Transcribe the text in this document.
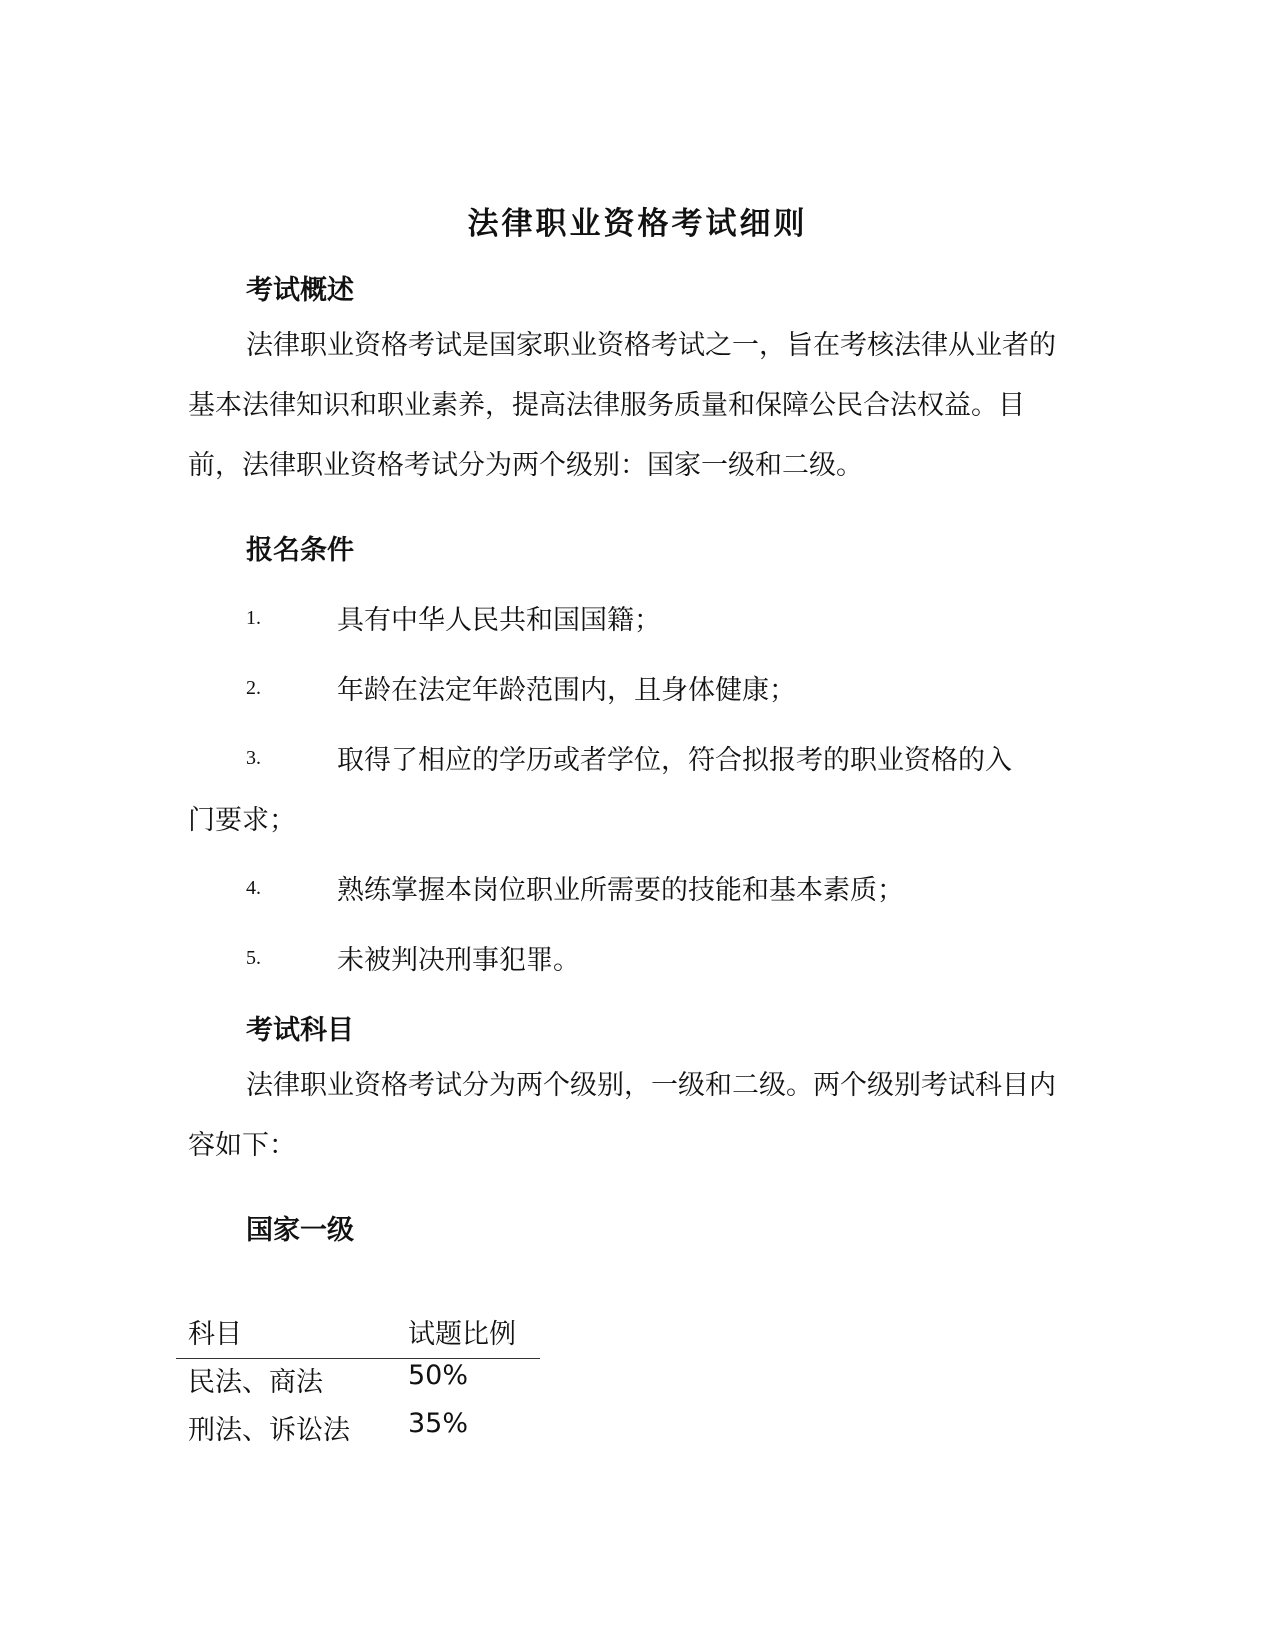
法律职业资格考试细则
考试概述
法律职业资格考试是国家职业资格考试之一，旨在考核法律从业者的基本法律知识和职业素养，提高法律服务质量和保障公民合法权益。目前，法律职业资格考试分为两个级别：国家一级和二级。
报名条件
1.	具有中华人民共和国国籍；
2.	年龄在法定年龄范围内，且身体健康；
3.	取得了相应的学历或者学位，符合拟报考的职业资格的入
门要求；
4.	熟练掌握本岗位职业所需要的技能和基本素质；
5.	未被判决刑事犯罪。
考试科目
法律职业资格考试分为两个级别，一级和二级。两个级别考试科目内容如下：
国家一级
科目	试题比例
民法、商法	50%
刑法、诉讼法 35%
